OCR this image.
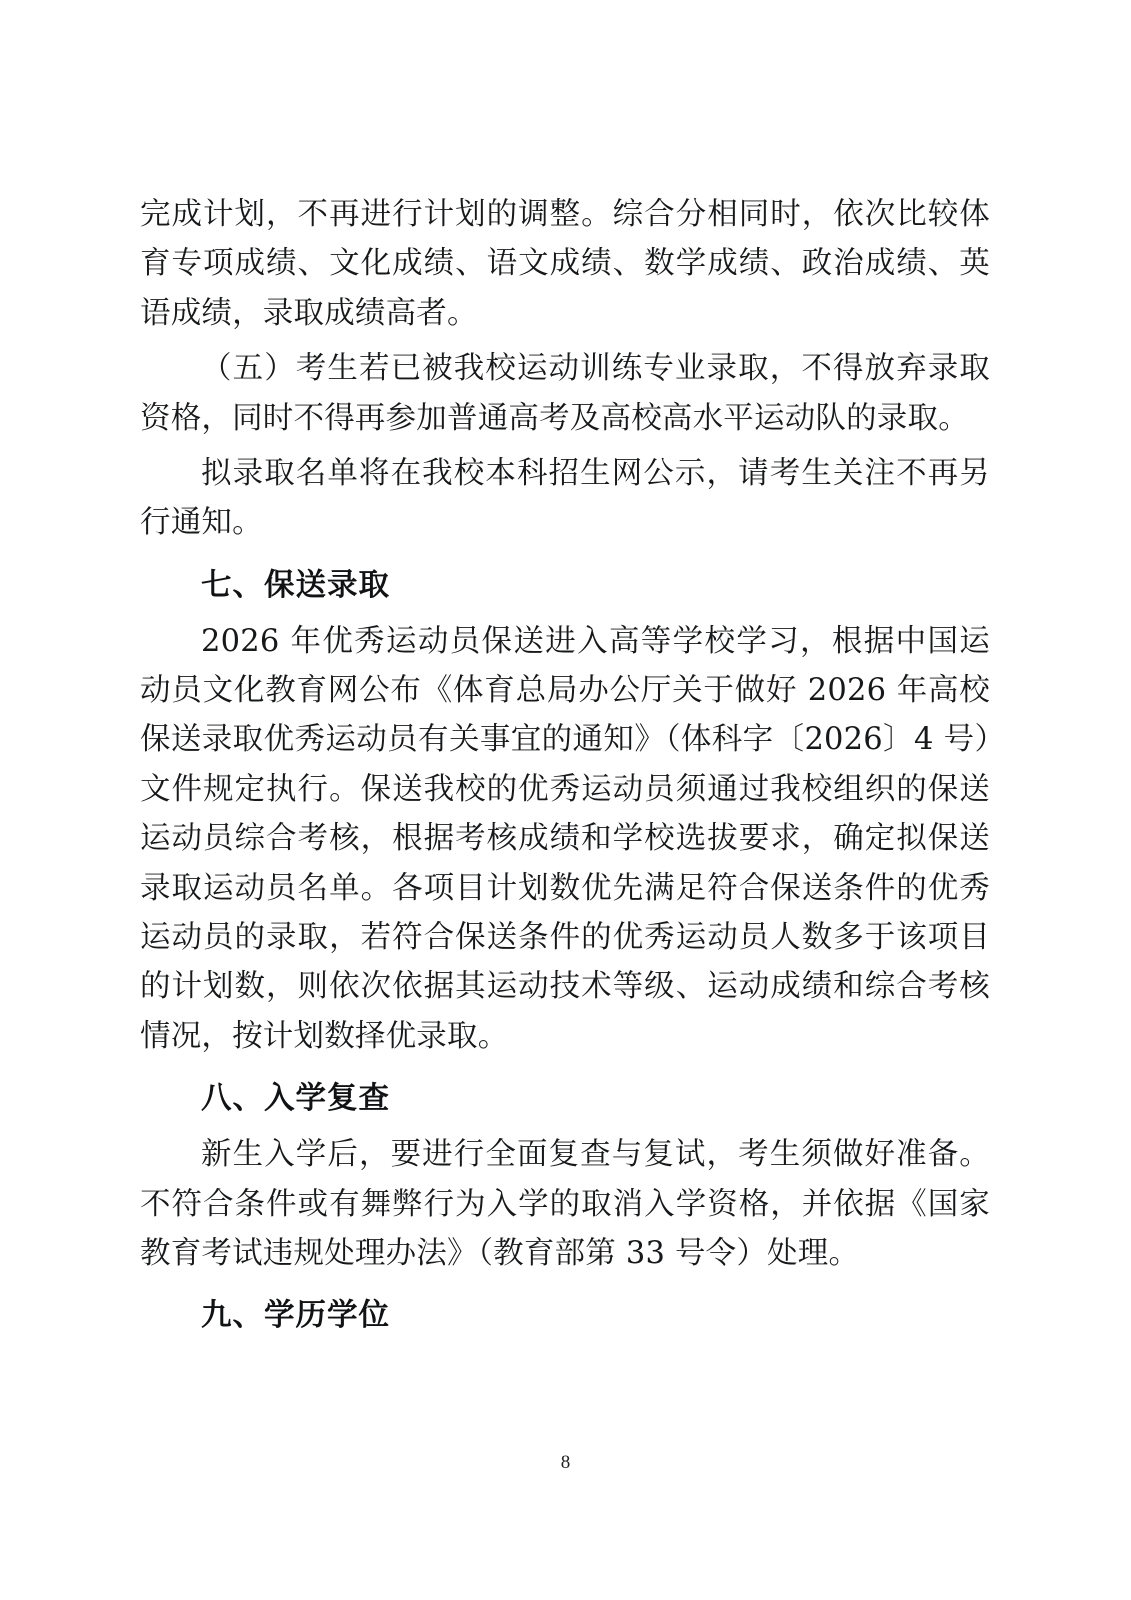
完成计划，不再进行计划的调整。综合分相同时，依次比较体育专项成绩、文化成绩、语文成绩、数学成绩、政治成绩、英语成绩，录取成绩高者。

（五）考生若已被我校运动训练专业录取，不得放弃录取资格，同时不得再参加普通高考及高校高水平运动队的录取。

拟录取名单将在我校本科招生网公示，请考生关注不再另行通知。

七、保送录取

2026 年优秀运动员保送进入高等学校学习，根据中国运动员文化教育网公布《体育总局办公厅关于做好 2026 年高校保送录取优秀运动员有关事宜的通知》（体科字〔2026〕4 号）文件规定执行。保送我校的优秀运动员须通过我校组织的保送运动员综合考核，根据考核成绩和学校选拔要求，确定拟保送录取运动员名单。各项目计划数优先满足符合保送条件的优秀运动员的录取，若符合保送条件的优秀运动员人数多于该项目的计划数，则依次依据其运动技术等级、运动成绩和综合考核情况，按计划数择优录取。

八、入学复查

新生入学后，要进行全面复查与复试，考生须做好准备。不符合条件或有舞弊行为入学的取消入学资格，并依据《国家教育考试违规处理办法》（教育部第 33 号令）处理。

九、学历学位
8
